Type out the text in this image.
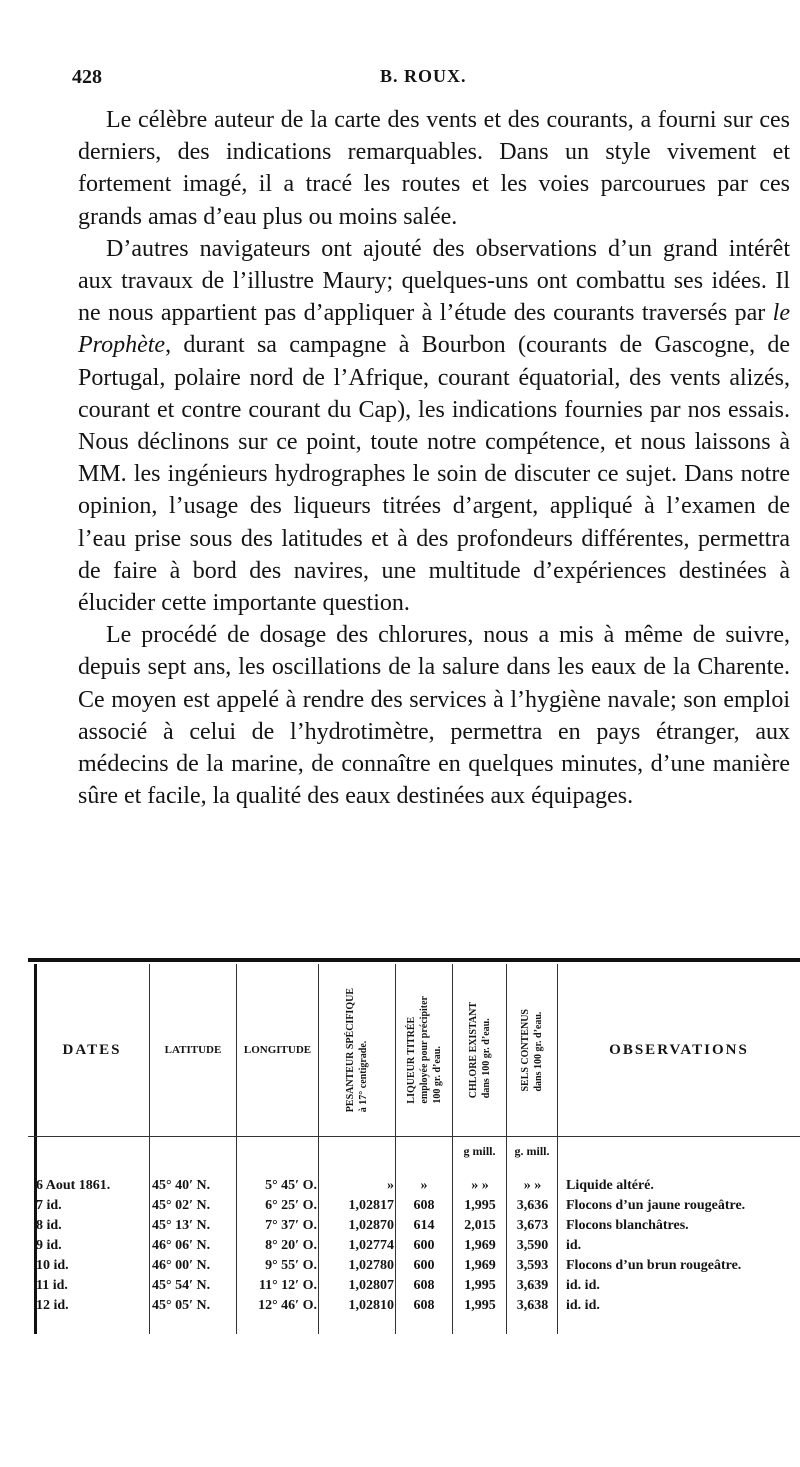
428	B. ROUX.

Le célèbre auteur de la carte des vents et des courants, a fourni sur ces derniers, des indications remarquables. Dans un style vivement et fortement imagé, il a tracé les routes et les voies parcourues par ces grands amas d’eau plus ou moins salée.

D’autres navigateurs ont ajouté des observations d’un grand intérêt aux travaux de l’illustre Maury; quelques-uns ont combattu ses idées. Il ne nous appartient pas d’appliquer à l’étude des courants traversés par le Prophète, durant sa campagne à Bourbon (courants de Gascogne, de Portugal, polaire nord de l’Afrique, courant équatorial, des vents alizés, courant et contre courant du Cap), les indications fournies par nos essais. Nous déclinons sur ce point, toute notre compétence, et nous laissons à MM. les ingénieurs hydrographes le soin de discuter ce sujet. Dans notre opinion, l’usage des liqueurs titrées d’argent, appliqué à l’examen de l’eau prise sous des latitudes et à des profondeurs différentes, permettra de faire à bord des navires, une multitude d’expériences destinées à élucider cette importante question.

Le procédé de dosage des chlorures, nous a mis à même de suivre, depuis sept ans, les oscillations de la salure dans les eaux de la Charente. Ce moyen est appelé à rendre des services à l’hygiène navale; son emploi associé à celui de l’hydrotimètre, permettra en pays étranger, aux médecins de la marine, de connaître en quelques minutes, d’une manière sûre et facile, la qualité des eaux destinées aux équipages.

DATES	LATITUDE	LONGITUDE	PESANTEUR SPÉCIFIQUE à 17° centigrade.	LIQUEUR TITRÉE employée pour précipiter 100 gr. d’eau.	CHLORE EXISTANT dans 100 gr. d’eau.	SELS CONTENUS dans 100 gr. d’eau.	OBSERVATIONS
g mill.	g. mill.
6 Aout 1861.	45° 40′ N.	5° 45′ O.	»	»	» »	» »	Liquide altéré.
7 id.	45° 02′ N.	6° 25′ O.	1,02817	608	1,995	3,636	Flocons d’un jaune rougeâtre.
8 id.	45° 13′ N.	7° 37′ O.	1,02870	614	2,015	3,673	Flocons blanchâtres.
9 id.	46° 06′ N.	8° 20′ O.	1,02774	600	1,969	3,590	id.
10 id.	46° 00′ N.	9° 55′ O.	1,02780	600	1,969	3,593	Flocons d’un brun rougeâtre.
11 id.	45° 54′ N.	11° 12′ O.	1,02807	608	1,995	3,639	id. id.
12 id.	45° 05′ N.	12° 46′ O.	1,02810	608	1,995	3,638	id. id.
